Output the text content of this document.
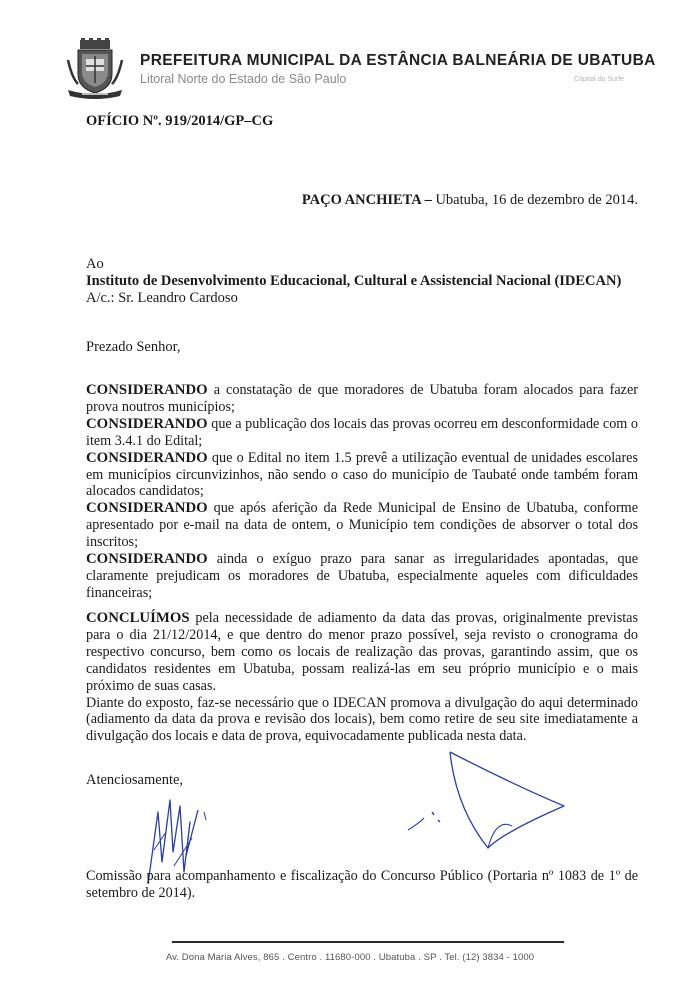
PREFEITURA MUNICIPAL DA ESTÂNCIA BALNEÁRIA DE UBATUBA
Litoral Norte do Estado de São Paulo	Capital do Surfe
OFÍCIO Nº. 919/2014/GP–CG
PAÇO ANCHIETA – Ubatuba, 16 de dezembro de 2014.
Ao
Instituto de Desenvolvimento Educacional, Cultural e Assistencial Nacional (IDECAN)
A/c.: Sr. Leandro Cardoso
Prezado Senhor,

CONSIDERANDO a constatação de que moradores de Ubatuba foram alocados para fazer prova noutros municípios;

CONSIDERANDO que a publicação dos locais das provas ocorreu em desconformidade com o item 3.4.1 do Edital;

CONSIDERANDO que o Edital no item 1.5 prevê a utilização eventual de unidades escolares em municípios circunvizinhos, não sendo o caso do município de Taubaté onde também foram alocados candidatos;

CONSIDERANDO que após aferição da Rede Municipal de Ensino de Ubatuba, conforme apresentado por e-mail na data de ontem, o Município tem condições de absorver o total dos inscritos;

CONSIDERANDO ainda o exíguo prazo para sanar as irregularidades apontadas, que claramente prejudicam os moradores de Ubatuba, especialmente aqueles com dificuldades financeiras;

CONCLUÍMOS pela necessidade de adiamento da data das provas, originalmente previstas para o dia 21/12/2014, e que dentro do menor prazo possível, seja revisto o cronograma do respectivo concurso, bem como os locais de realização das provas, garantindo assim, que os candidatos residentes em Ubatuba, possam realizá-las em seu próprio município e o mais próximo de suas casas.

Diante do exposto, faz-se necessário que o IDECAN promova a divulgação do aqui determinado (adiamento da data da prova e revisão dos locais), bem como retire de seu site imediatamente a divulgação dos locais e data de prova, equivocadamente publicada nesta data.

Atenciosamente,
Comissão para acompanhamento e fiscalização do Concurso Público (Portaria nº 1083 de 1º de setembro de 2014).
Av. Dona Maria Alves, 865 . Centro . 11680-000 . Ubatuba . SP . Tel. (12) 3834 - 1000
